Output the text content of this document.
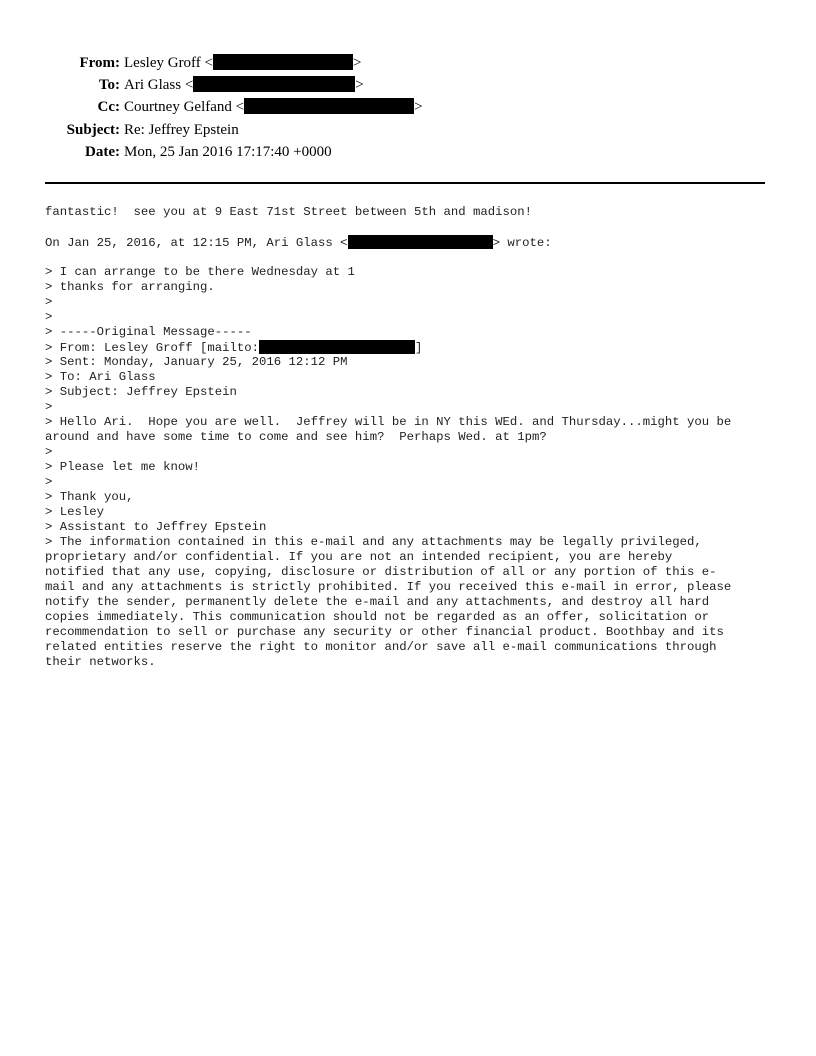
From: Lesley Groff <	>
To: Ari Glass <	>
Cc: Courtney Gelfand <	>
Subject: Re: Jeffrey Epstein
Date: Mon, 25 Jan 2016 17:17:40 +0000
fantastic!  see you at 9 East 71st Street between 5th and madison!
On Jan 25, 2016, at 12:15 PM, Ari Glass <	> wrote:
> I can arrange to be there Wednesday at 1
> thanks for arranging.
>
>
> -----Original Message-----
> From: Lesley Groff [mailto:	]
> Sent: Monday, January 25, 2016 12:12 PM
> To: Ari Glass
> Subject: Jeffrey Epstein
>
> Hello Ari.  Hope you are well.  Jeffrey will be in NY this WEd. and Thursday...might you be
around and have some time to come and see him?  Perhaps Wed. at 1pm?
>
> Please let me know!
>
> Thank you,
> Lesley
> Assistant to Jeffrey Epstein
> The information contained in this e-mail and any attachments may be legally privileged,
proprietary and/or confidential. If you are not an intended recipient, you are hereby
notified that any use, copying, disclosure or distribution of all or any portion of this e-
mail and any attachments is strictly prohibited. If you received this e-mail in error, please
notify the sender, permanently delete the e-mail and any attachments, and destroy all hard
copies immediately. This communication should not be regarded as an offer, solicitation or
recommendation to sell or purchase any security or other financial product. Boothbay and its
related entities reserve the right to monitor and/or save all e-mail communications through
their networks.
